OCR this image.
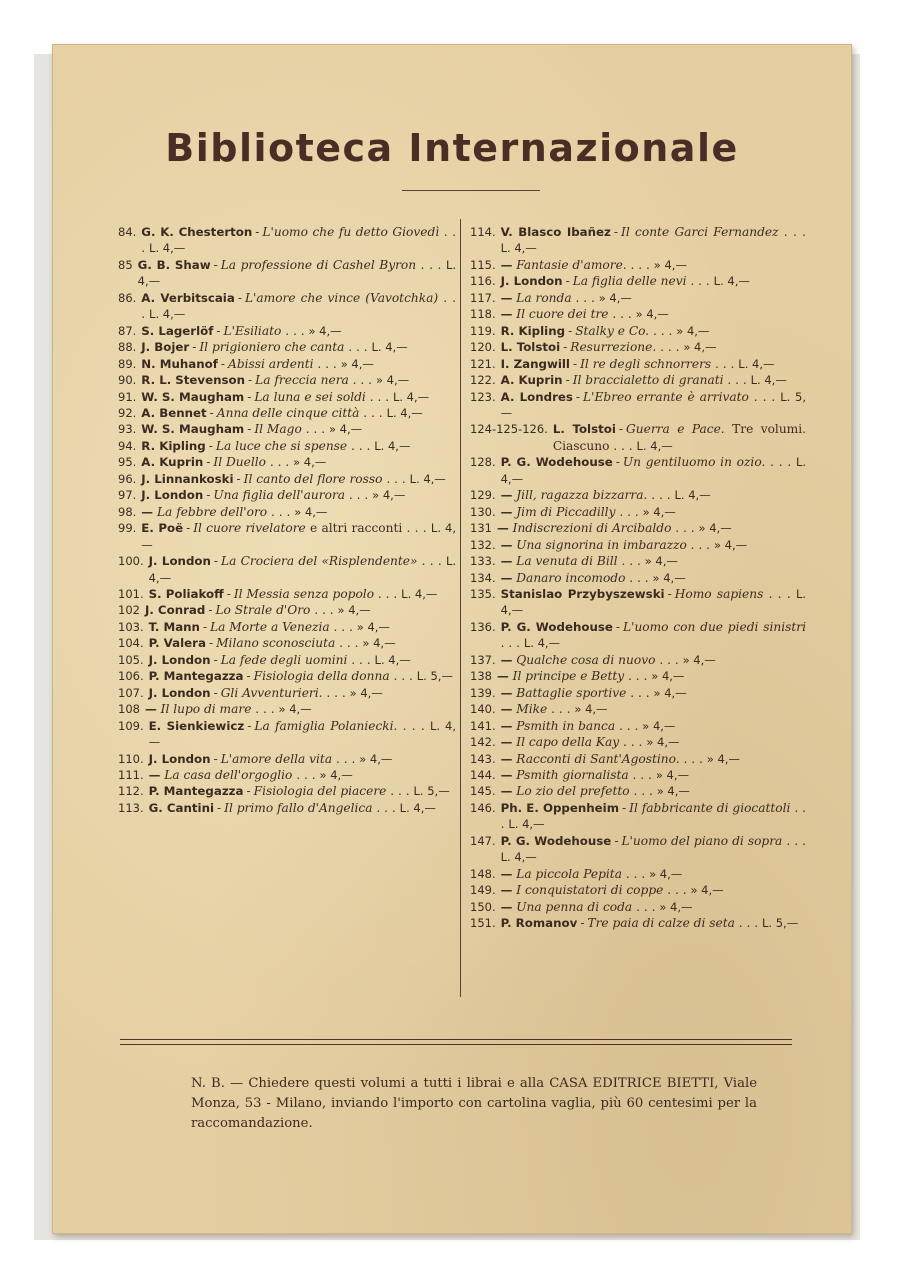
Biblioteca Internazionale
84. G. K. Chesterton - L'uomo che fu detto Giovedì . . . L. 4,—
85 G. B. Shaw - La professione di Cashel Byron . . . L. 4,—
86. A. Verbitscaia - L'amore che vince (Vavotchka) . . . L. 4,—
87. S. Lagerlöf - L'Esiliato . . . » 4,—
88. J. Bojer - Il prigioniero che canta . . . L. 4,—
89. N. Muhanof - Abissi ardenti . . . » 4,—
90. R. L. Stevenson - La freccia nera . . . » 4,—
91. W. S. Maugham - La luna e sei soldi . . . L. 4,—
92. A. Bennet - Anna delle cinque città . . . L. 4,—
93. W. S. Maugham - Il Mago . . . » 4,—
94. R. Kipling - La luce che si spense . . . L. 4,—
95. A. Kuprin - Il Duello . . . » 4,—
96. J. Linnankoski - Il canto del flore rosso . . . L. 4,—
97. J. London - Una figlia dell'aurora . . . » 4,—
98. — La febbre dell'oro . . . » 4,—
99. E. Poë - Il cuore rivelatore e altri racconti . . . L. 4,—
100. J. London - La Crociera del «Risplendente» . . . L. 4,—
101. S. Poliakoff - Il Messia senza popolo . . . L. 4,—
102 J. Conrad - Lo Strale d'Oro . . . » 4,—
103. T. Mann - La Morte a Venezia . . . » 4,—
104. P. Valera - Milano sconosciuta . . . » 4,—
105. J. London - La fede degli uomini . . . L. 4,—
106. P. Mantegazza - Fisiologia della donna . . . L. 5,—
107. J. London - Gli Avventurieri. . . . » 4,—
108 — Il lupo di mare . . . » 4,—
109. E. Sienkiewicz - La famiglia Polaniecki. . . . L. 4,—
110. J. London - L'amore della vita . . . » 4,—
111. — La casa dell'orgoglio . . . » 4,—
112. P. Mantegazza - Fisiologia del piacere . . . L. 5,—
113. G. Cantini - Il primo fallo d'Angelica . . . L. 4,—
114. V. Blasco Ibañez - Il conte Garci Fernandez . . . L. 4,—
115. — Fantasie d'amore. . . . » 4,—
116. J. London - La figlia delle nevi . . . L. 4,—
117. — La ronda . . . » 4,—
118. — Il cuore dei tre . . . » 4,—
119. R. Kipling - Stalky e Co. . . . » 4,—
120. L. Tolstoi - Resurrezione. . . . » 4,—
121. I. Zangwill - Il re degli schnorrers . . . L. 4,—
122. A. Kuprin - Il braccialetto di granati . . . L. 4,—
123. A. Londres - L'Ebreo errante è arrivato . . . L. 5,—
124-125-126. L. Tolstoi - Guerra e Pace. Tre volumi. Ciascuno . . . L. 4,—
128. P. G. Wodehouse - Un gentiluomo in ozio. . . . L. 4,—
129. — Jill, ragazza bizzarra. . . . L. 4,—
130. — Jim di Piccadilly . . . » 4,—
131 — Indiscrezioni di Arcibaldo . . . » 4,—
132. — Una signorina in imbarazzo . . . » 4,—
133. — La venuta di Bill . . . » 4,—
134. — Danaro incomodo . . . » 4,—
135. Stanislao Przybyszewski - Homo sapiens . . . L. 4,—
136. P. G. Wodehouse - L'uomo con due piedi sinistri . . . L. 4,—
137. — Qualche cosa di nuovo . . . » 4,—
138 — Il principe e Betty . . . » 4,—
139. — Battaglie sportive . . . » 4,—
140. — Mike . . . » 4,—
141. — Psmith in banca . . . » 4,—
142. — Il capo della Kay . . . » 4,—
143. — Racconti di Sant'Agostino. . . . » 4,—
144. — Psmith giornalista . . . » 4,—
145. — Lo zio del prefetto . . . » 4,—
146. Ph. E. Oppenheim - Il fabbricante di giocattoli . . . L. 4,—
147. P. G. Wodehouse - L'uomo del piano di sopra . . . L. 4,—
148. — La piccola Pepita . . . » 4,—
149. — I conquistatori di coppe . . . » 4,—
150. — Una penna di coda . . . » 4,—
151. P. Romanov - Tre paia di calze di seta . . . L. 5,—
N. B. — Chiedere questi volumi a tutti i librai e alla CASA EDITRICE BIETTI, Viale Monza, 53 - Milano, inviando l'importo con cartolina vaglia, più 60 centesimi per la raccomandazione.
